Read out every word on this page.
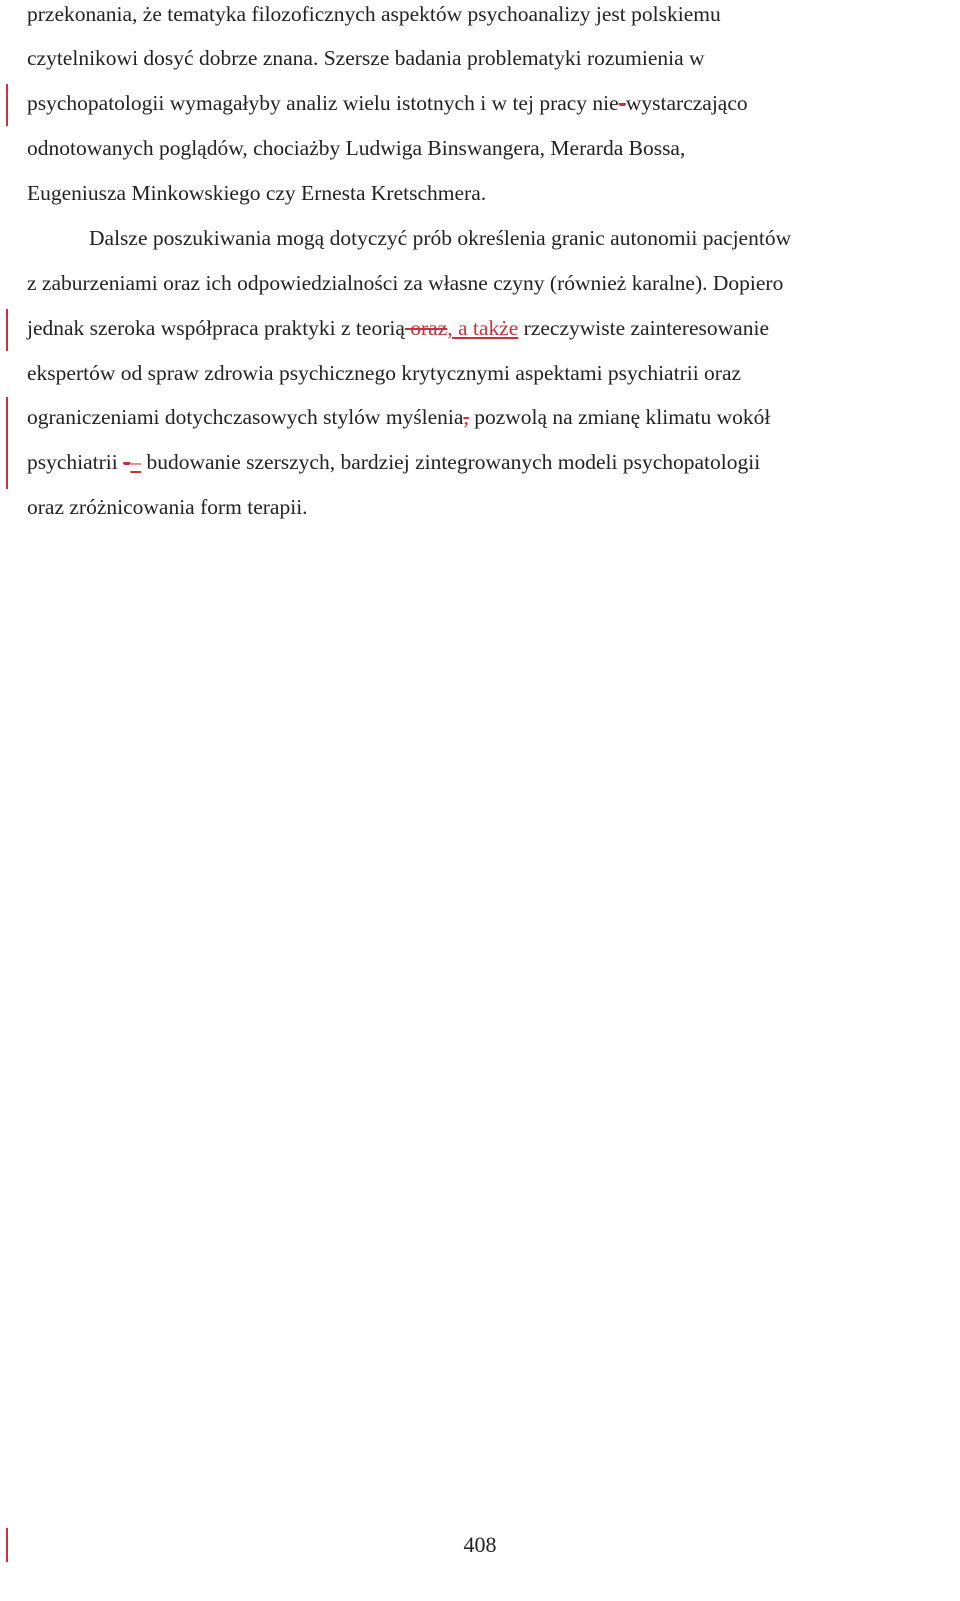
przekonania, że tematyka filozoficznych aspektów psychoanalizy jest polskiemu
czytelnikowi dosyć dobrze znana. Szersze badania problematyki rozumienia w
psychopatologii wymagałyby analiz wielu istotnych i w tej pracy nie-wystarczająco
odnotowanych poglądów, chociażby Ludwiga Binswangera, Merarda Bossa,
Eugeniusza Minkowskiego czy Ernesta Kretschmera.
Dalsze poszukiwania mogą dotyczyć prób określenia granic autonomii pacjentów
z zaburzeniami oraz ich odpowiedzialności za własne czyny (również karalne). Dopiero
jednak szeroka współpraca praktyki z teorią oraz, a także rzeczywiste zainteresowanie
ekspertów od spraw zdrowia psychicznego krytycznymi aspektami psychiatrii oraz
ograniczeniami dotychczasowych stylów myślenia, pozwolą na zmianę klimatu wokół
psychiatrii -– budowanie szerszych, bardziej zintegrowanych modeli psychopatologii
oraz zróżnicowania form terapii.
408
